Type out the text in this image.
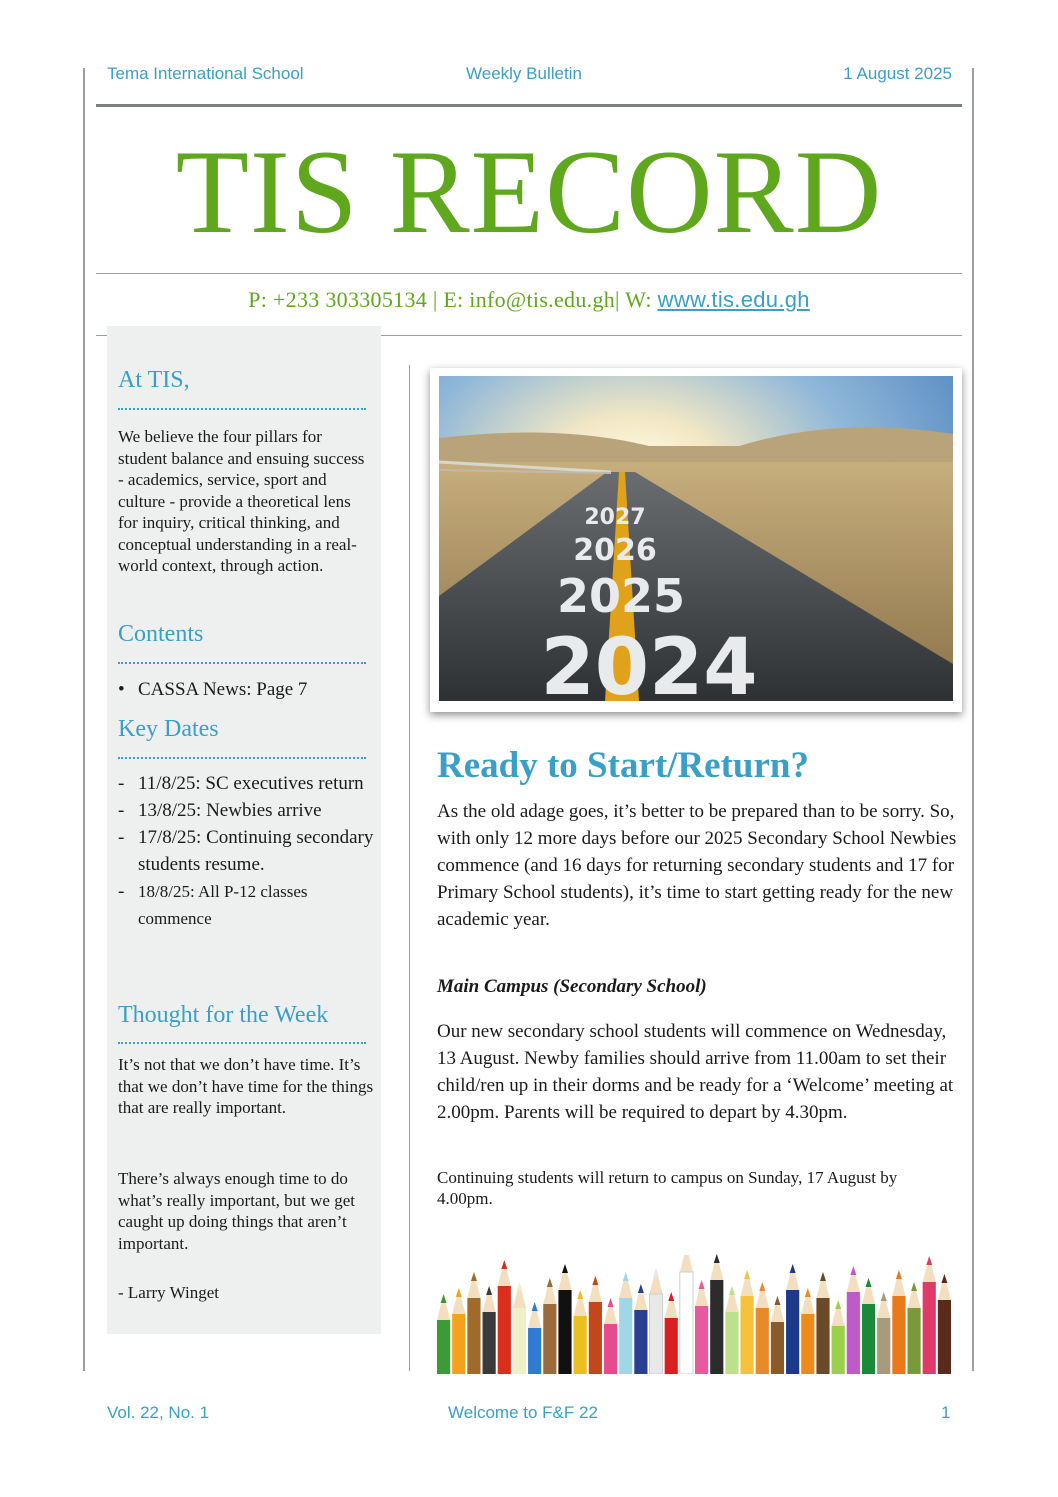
Tema International School	Weekly Bulletin	1 August 2025
TIS RECORD
P: +233 303305134 | E: info@tis.edu.gh| W: www.tis.edu.gh
At TIS,
We believe the four pillars for student balance and ensuing success - academics, service, sport and culture - provide a theoretical lens for inquiry, critical thinking, and conceptual understanding in a real-world context, through action.
Contents
• CASSA News: Page 7
Key Dates
- 11/8/25: SC executives return
- 13/8/25: Newbies arrive
- 17/8/25: Continuing secondary students resume.
- 18/8/25: All P-12 classes commence
Thought for the Week
It’s not that we don’t have time. It’s that we don’t have time for the things that are really important.
There’s always enough time to do what’s really important, but we get caught up doing things that aren’t important.
- Larry Winget
2027
2026
2025
2024
Ready to Start/Return?

As the old adage goes, it’s better to be prepared than to be sorry. So, with only 12 more days before our 2025 Secondary School Newbies commence (and 16 days for returning secondary students and 17 for Primary School students), it’s time to start getting ready for the new academic year.

Main Campus (Secondary School)

Our new secondary school students will commence on Wednesday, 13 August. Newby families should arrive from 11.00am to set their child/ren up in their dorms and be ready for a ‘Welcome’ meeting at 2.00pm. Parents will be required to depart by 4.30pm.

Continuing students will return to campus on Sunday, 17 August by 4.00pm.

Vol. 22, No. 1	Welcome to F&F 22	1
